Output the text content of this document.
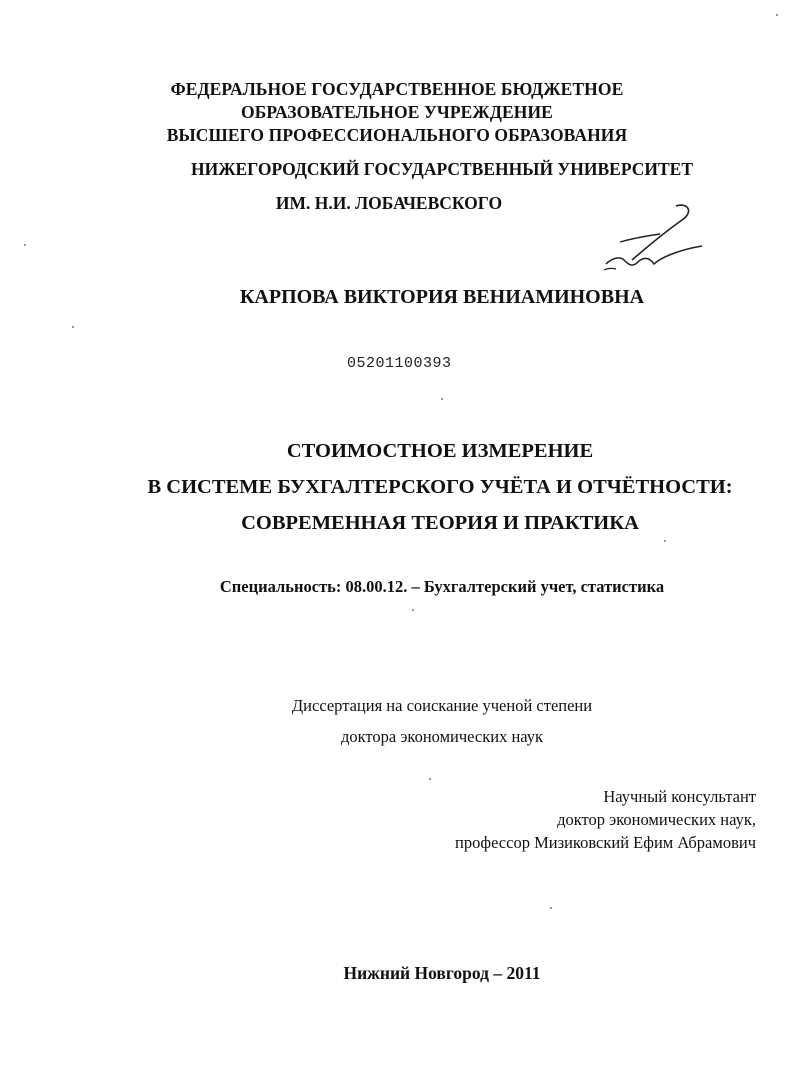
ФЕДЕРАЛЬНОЕ ГОСУДАРСТВЕННОЕ БЮДЖЕТНОЕ
ОБРАЗОВАТЕЛЬНОЕ УЧРЕЖДЕНИЕ
ВЫСШЕГО ПРОФЕССИОНАЛЬНОГО ОБРАЗОВАНИЯ
НИЖЕГОРОДСКИЙ ГОСУДАРСТВЕННЫЙ УНИВЕРСИТЕТ
ИМ. Н.И. ЛОБАЧЕВСКОГО
КАРПОВА ВИКТОРИЯ ВЕНИАМИНОВНА
05201100393
СТОИМОСТНОЕ ИЗМЕРЕНИЕ
В СИСТЕМЕ БУХГАЛТЕРСКОГО УЧЁТА И ОТЧЁТНОСТИ:
СОВРЕМЕННАЯ ТЕОРИЯ И ПРАКТИКА
Специальность: 08.00.12. – Бухгалтерский учет, статистика
Диссертация на соискание ученой степени
доктора экономических наук
Научный консультант
доктор экономических наук,
профессор Мизиковский Ефим Абрамович
Нижний Новгород – 2011
